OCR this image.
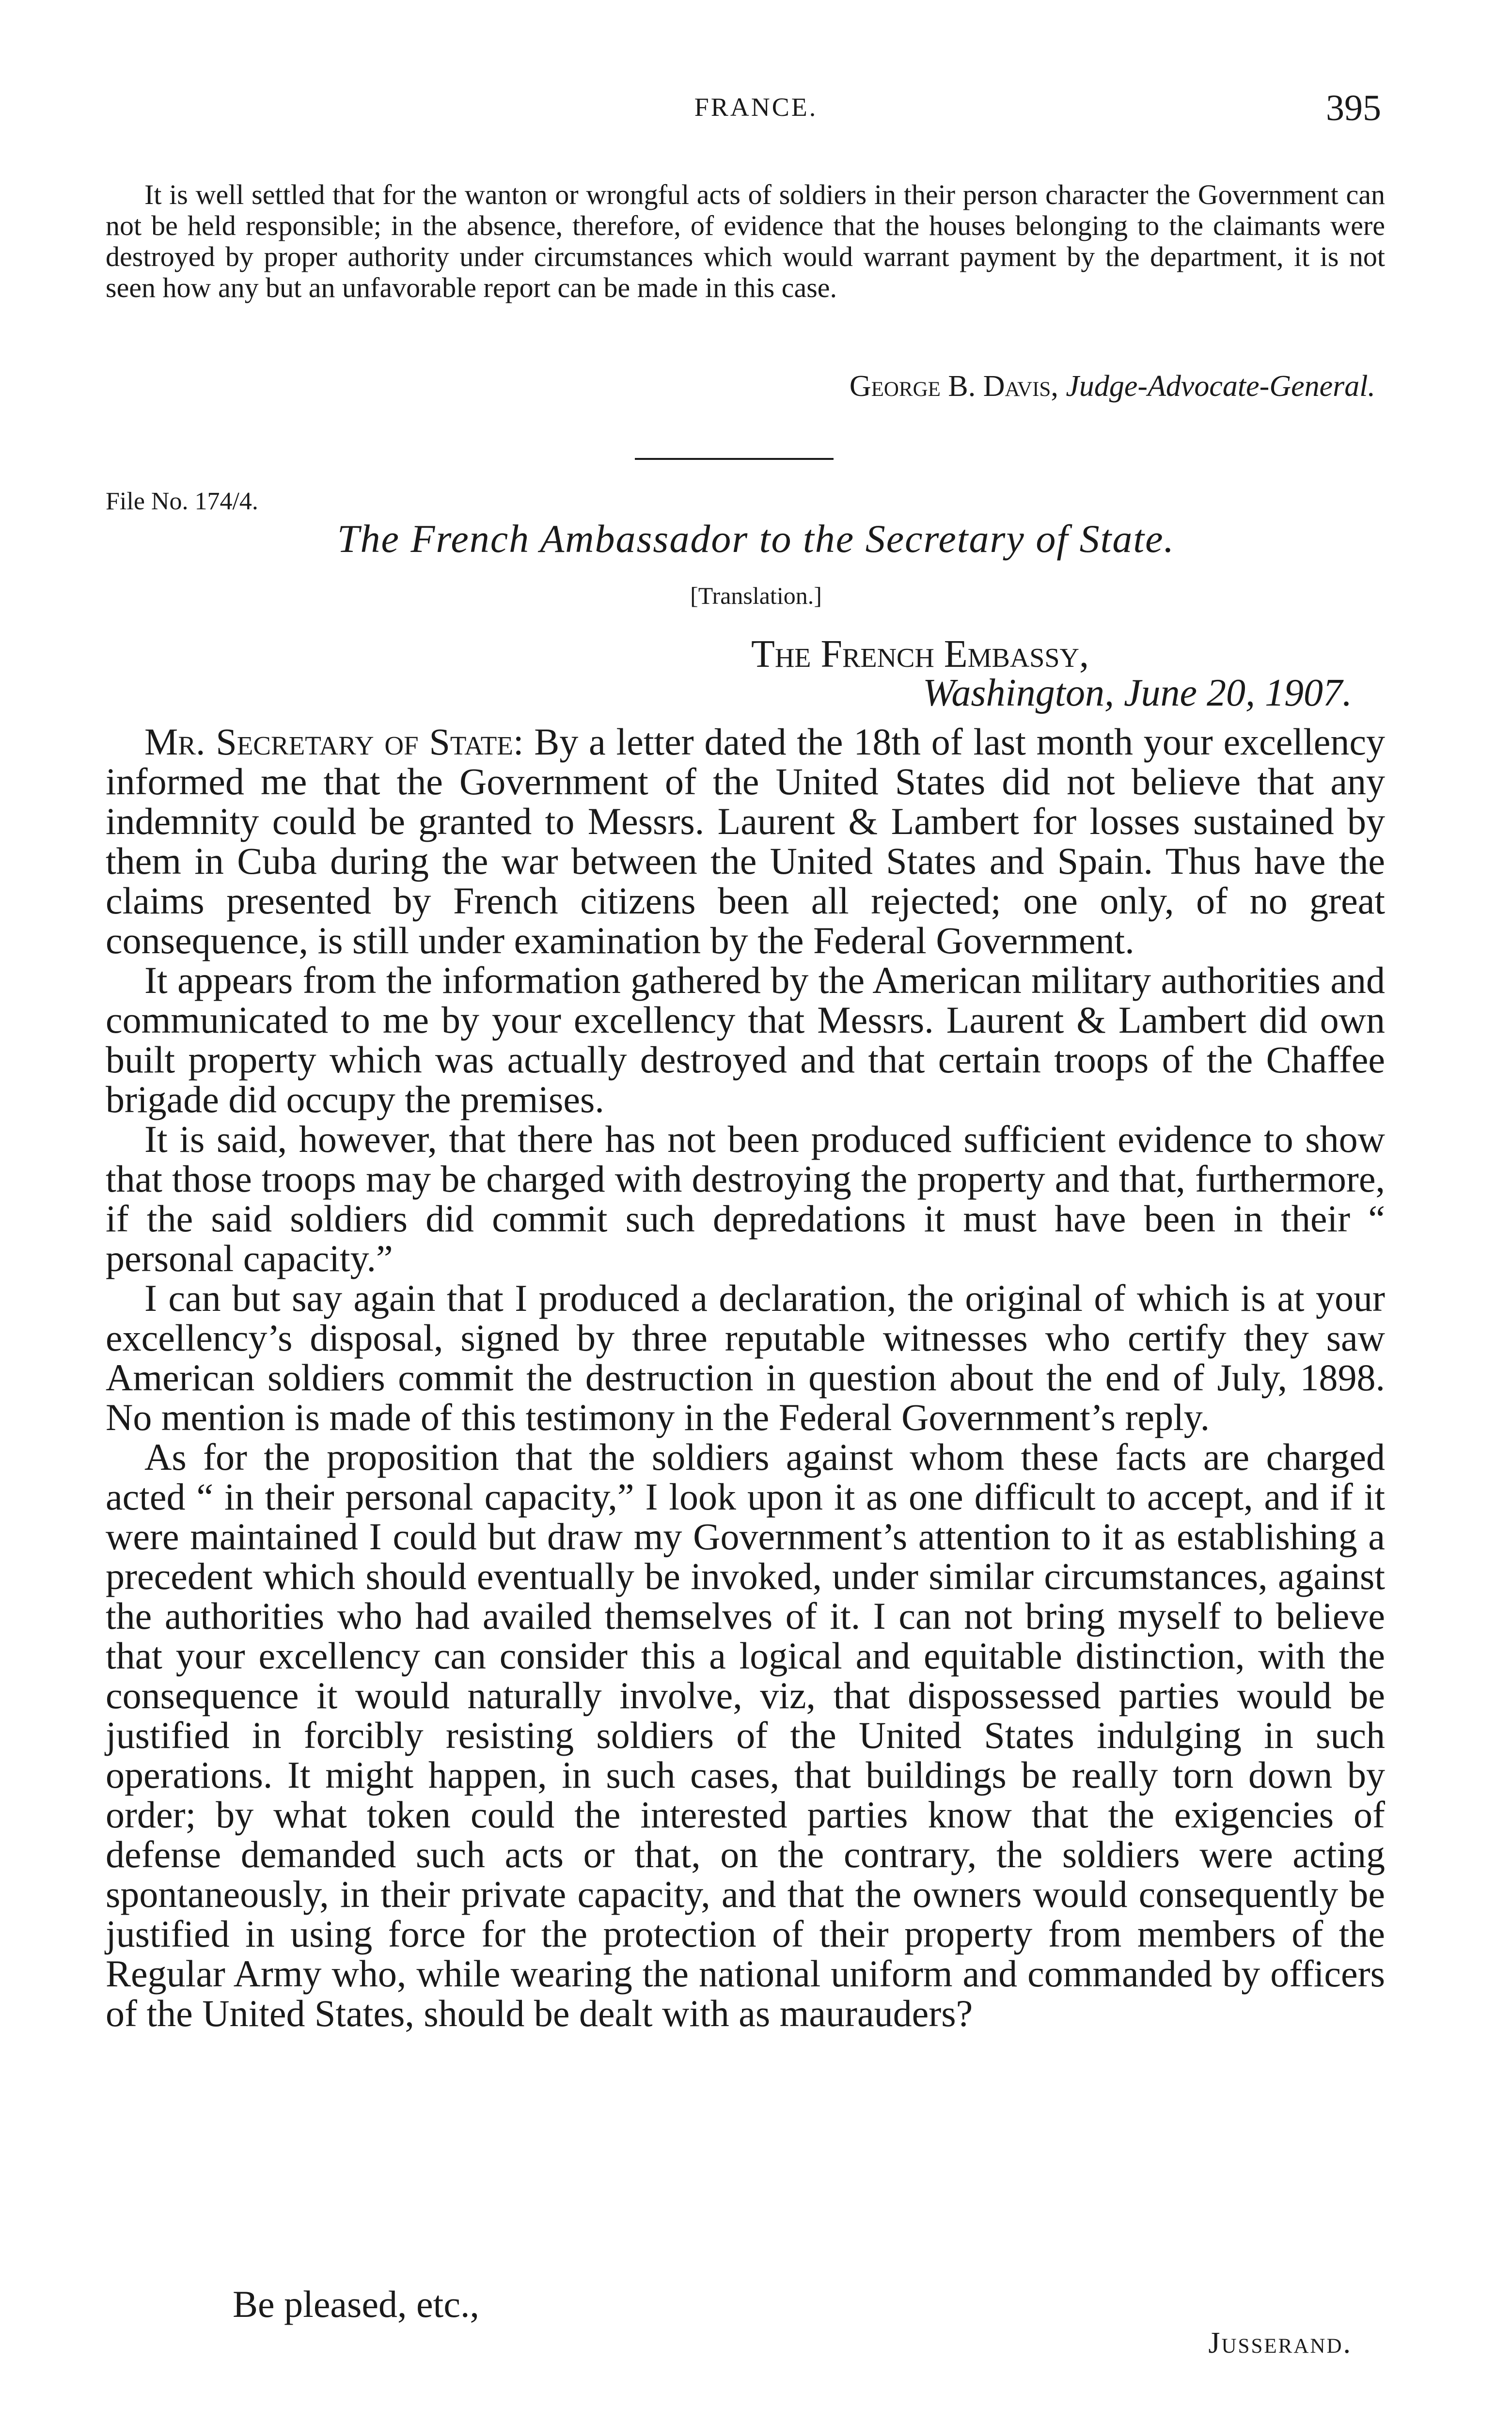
FRANCE.	395
It is well settled that for the wanton or wrongful acts of soldiers in their person character the Government can not be held responsible; in the absence, therefore, of evidence that the houses belonging to the claimants were destroyed by proper authority under circumstances which would warrant payment by the department, it is not seen how any but an unfavorable report can be made in this case.
George B. Davis, Judge-Advocate-General.
File No. 174/4.
The French Ambassador to the Secretary of State.
[Translation.]
The French Embassy,
Washington, June 20, 1907.

Mr. Secretary of State: By a letter dated the 18th of last month your excellency informed me that the Government of the United States did not believe that any indemnity could be granted to Messrs. Laurent & Lambert for losses sustained by them in Cuba during the war between the United States and Spain. Thus have the claims presented by French citizens been all rejected; one only, of no great consequence, is still under examination by the Federal Government.

It appears from the information gathered by the American military authorities and communicated to me by your excellency that Messrs. Laurent & Lambert did own built property which was actually destroyed and that certain troops of the Chaffee brigade did occupy the premises.

It is said, however, that there has not been produced sufficient evidence to show that those troops may be charged with destroying the property and that, furthermore, if the said soldiers did commit such depredations it must have been in their “ personal capacity.”

I can but say again that I produced a declaration, the original of which is at your excellency’s disposal, signed by three reputable witnesses who certify they saw American soldiers commit the destruction in question about the end of July, 1898. No mention is made of this testimony in the Federal Government’s reply.

As for the proposition that the soldiers against whom these facts are charged acted “ in their personal capacity,” I look upon it as one difficult to accept, and if it were maintained I could but draw my Government’s attention to it as establishing a precedent which should eventually be invoked, under similar circumstances, against the authorities who had availed themselves of it. I can not bring myself to believe that your excellency can consider this a logical and equitable distinction, with the consequence it would naturally involve, viz, that dispossessed parties would be justified in forcibly resisting soldiers of the United States indulging in such operations. It might happen, in such cases, that buildings be really torn down by order; by what token could the interested parties know that the exigencies of defense demanded such acts or that, on the contrary, the soldiers were acting spontaneously, in their private capacity, and that the owners would consequently be justified in using force for the protection of their property from members of the Regular Army who, while wearing the national uniform and commanded by officers of the United States, should be dealt with as maurauders?

Be pleased, etc.,
Jusserand.
